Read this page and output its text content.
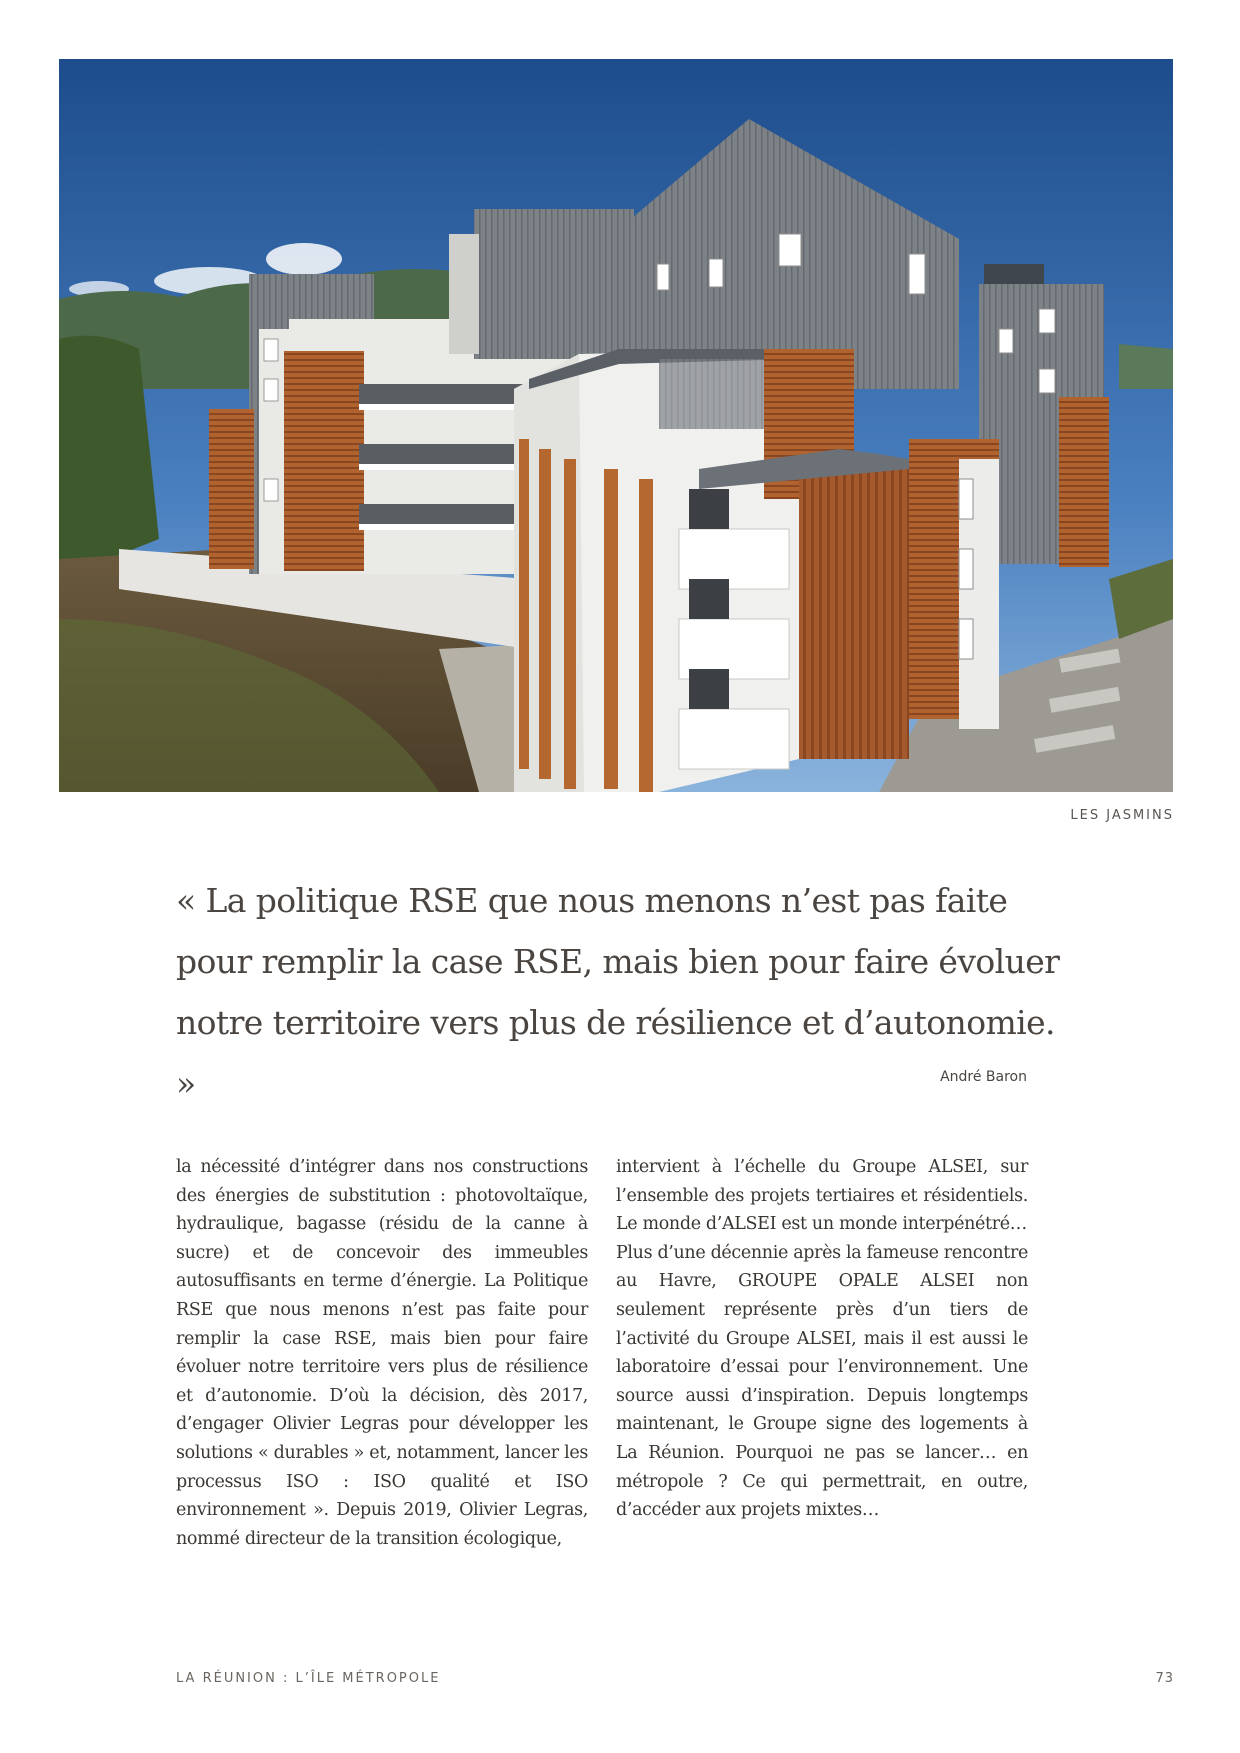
LES JASMINS
« La politique RSE que nous menons n’est pas faite
pour remplir la case RSE, mais bien pour faire évoluer
notre territoire vers plus de résilience et d’autonomie. »	André Baron

la nécessité d’intégrer dans nos constructions des énergies de substitution : photovoltaïque, hydraulique, bagasse (résidu de la canne à sucre) et de concevoir des immeubles autosuffisants en terme d’énergie. La Politique RSE que nous menons n’est pas faite pour remplir la case RSE, mais bien pour faire évoluer notre territoire vers plus de résilience et d’autonomie. D’où la décision, dès 2017, d’engager Olivier Legras pour développer les solutions « durables » et, notamment, lancer les processus ISO : ISO qualité et ISO environnement ». Depuis 2019, Olivier Legras, nommé directeur de la transition écologique,

intervient à l’échelle du Groupe ALSEI, sur l’ensemble des projets tertiaires et résidentiels. Le monde d’ALSEI est un monde interpénétré…

Plus d’une décennie après la fameuse rencontre au Havre, GROUPE OPALE ALSEI non seulement représente près d’un tiers de l’activité du Groupe ALSEI, mais il est aussi le laboratoire d’essai pour l’environnement. Une source aussi d’inspiration. Depuis longtemps maintenant, le Groupe signe des logements à La Réunion. Pourquoi ne pas se lancer… en métropole ? Ce qui permettrait, en outre, d’accéder aux projets mixtes…

LA RÉUNION : L’ÎLE MÉTROPOLE	73
